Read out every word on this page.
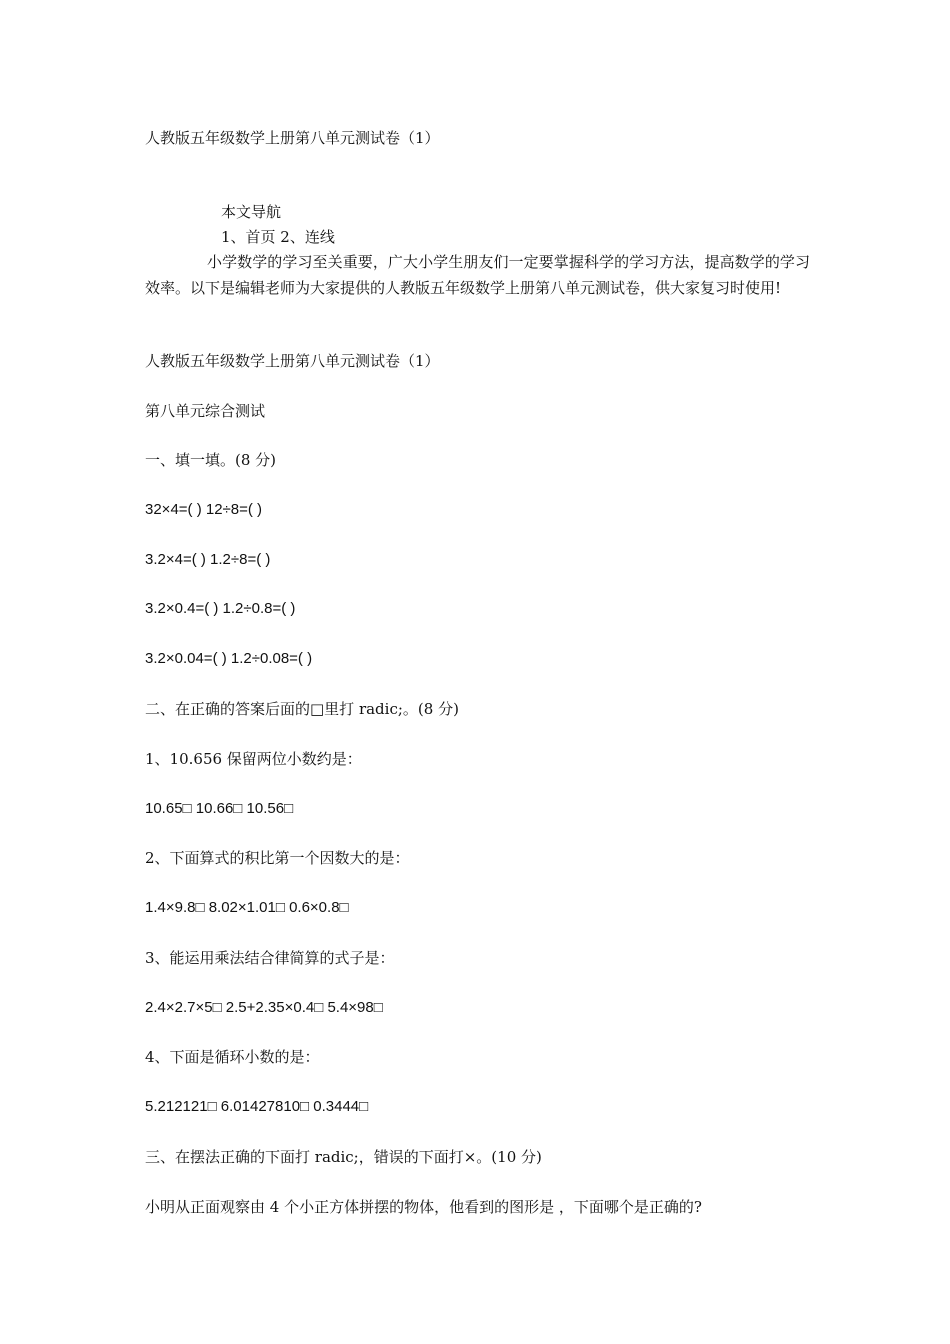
人教版五年级数学上册第八单元测试卷（1）
本文导航
1、首页 2、连线
小学数学的学习至关重要，广大小学生朋友们一定要掌握科学的学习方法，提高数学的学习效率。以下是编辑老师为大家提供的人教版五年级数学上册第八单元测试卷，供大家复习时使用!
人教版五年级数学上册第八单元测试卷（1）
第八单元综合测试
一、填一填。(8 分)
32×4=( ) 12÷8=( )
3.2×4=( ) 1.2÷8=( )
3.2×0.4=( ) 1.2÷0.8=( )
3.2×0.04=( ) 1.2÷0.08=( )
二、在正确的答案后面的□里打 radic;。(8 分)
1、10.656 保留两位小数约是：
10.65□ 10.66□ 10.56□
2、下面算式的积比第一个因数大的是：
1.4×9.8□ 8.02×1.01□ 0.6×0.8□
3、能运用乘法结合律简算的式子是：
2.4×2.7×5□ 2.5+2.35×0.4□ 5.4×98□
4、下面是循环小数的是：
5.212121□ 6.01427810□ 0.3444□
三、在摆法正确的下面打 radic;，错误的下面打×。(10 分)
小明从正面观察由 4 个小正方体拼摆的物体，他看到的图形是 ，下面哪个是正确的?
